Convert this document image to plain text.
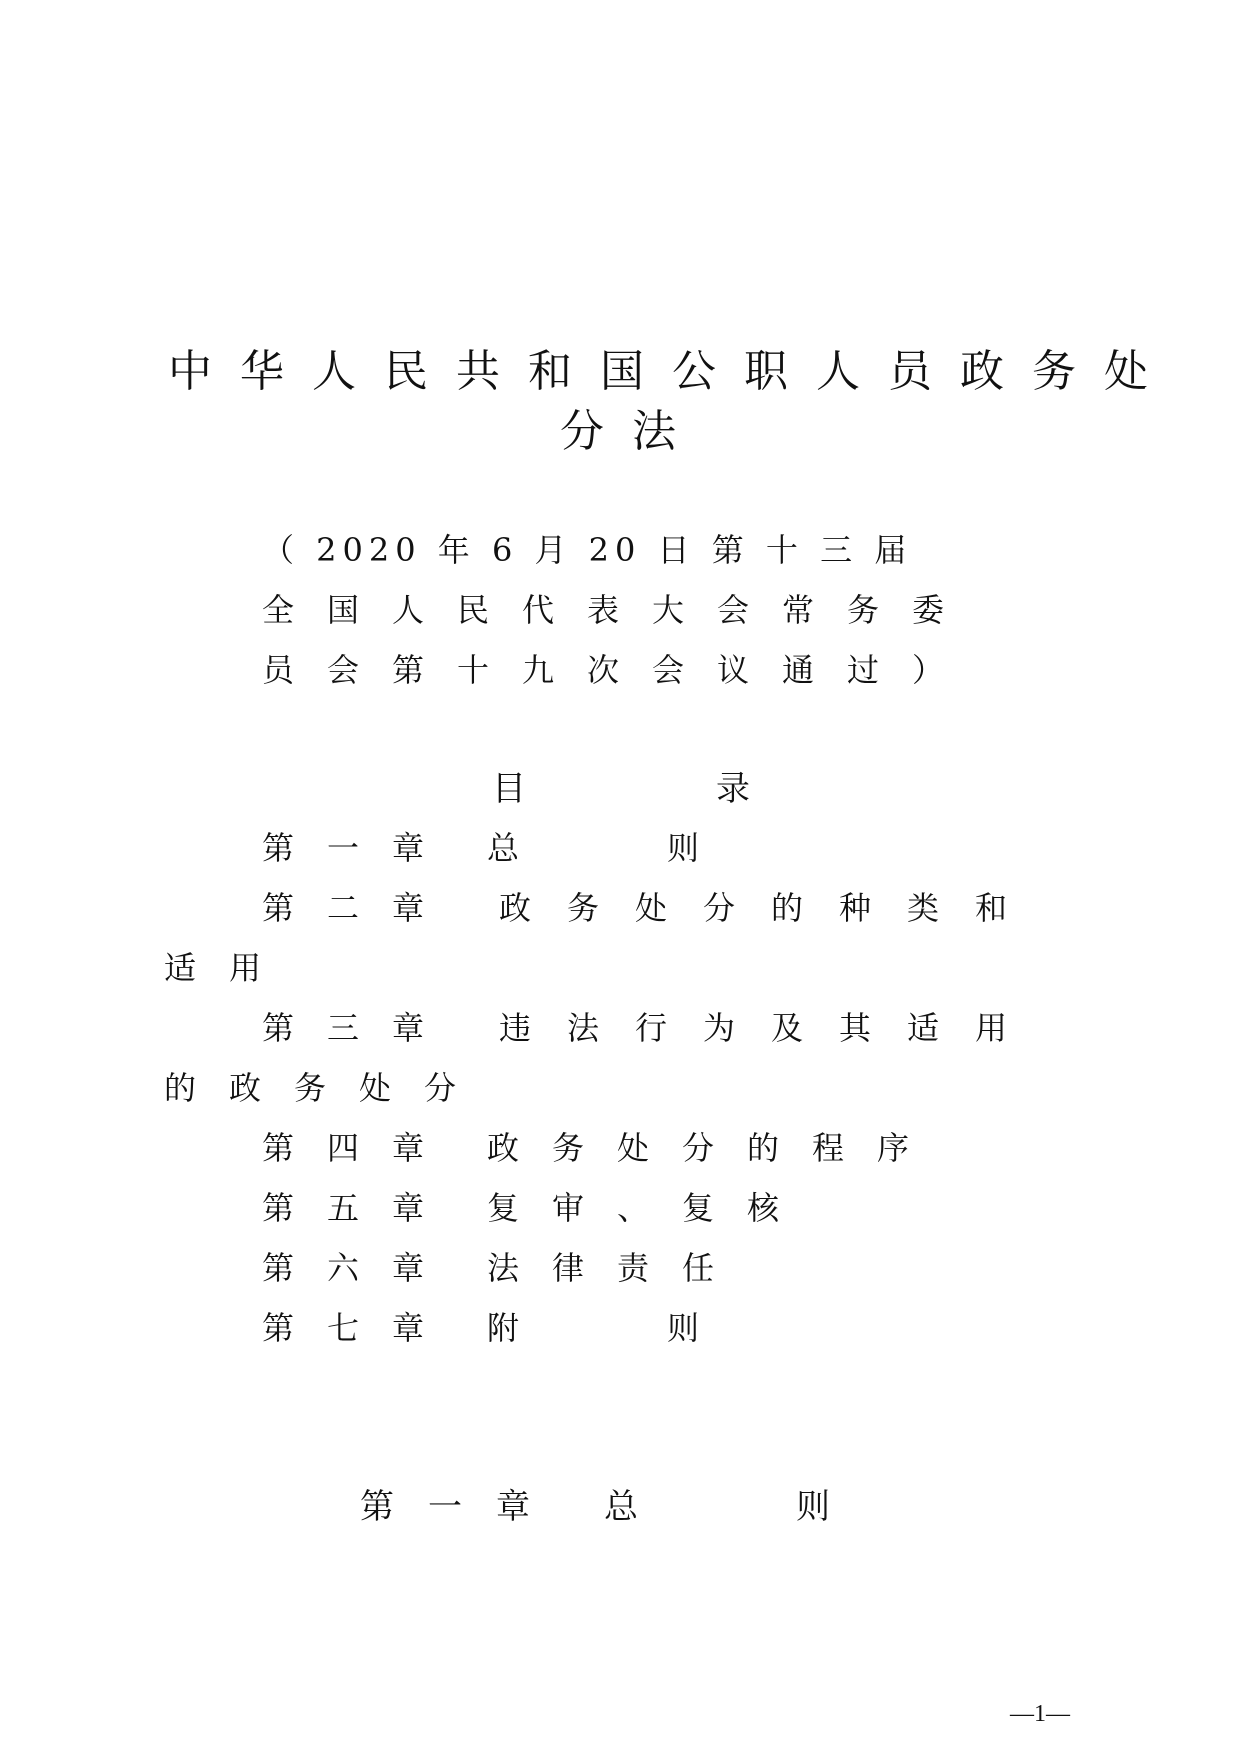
中华人民共和国公职人员政务处
分法
（ 2020 年 6 月 20 日 第 十 三 届
全国人民代表大会常务委
员会第十九次会议通过）
目　　　录
第一章 总　　则
第二章 政务处分的种类和
适用
第三章 违法行为及其适用
的政务处分
第四章 政务处分的程序
第五章 复审、复核
第六章 法律责任
第七章 附　　则
第一章 总　　则
—1—
